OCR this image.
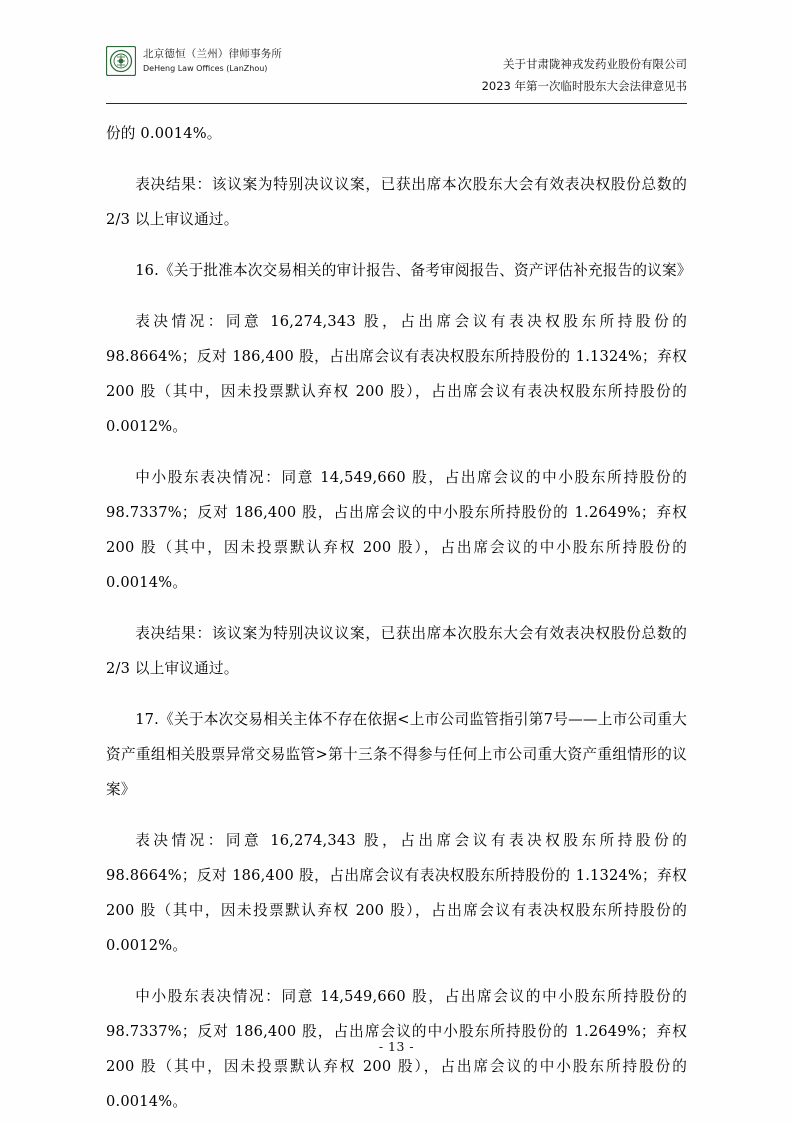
北京德恒（兰州）律师事务所
DeHeng Law Offices (LanZhou)	关于甘肃陇神戎发药业股份有限公司
2023 年第一次临时股东大会法律意见书

份的 0.0014%。

表决结果：该议案为特别决议议案，已获出席本次股东大会有效表决权股份总数的 2/3 以上审议通过。

16.《关于批准本次交易相关的审计报告、备考审阅报告、资产评估补充报告的议案》

表决情况：同意 16,274,343 股，占出席会议有表决权股东所持股份的 98.8664%；反对 186,400 股，占出席会议有表决权股东所持股份的 1.1324%；弃权 200 股（其中，因未投票默认弃权 200 股），占出席会议有表决权股东所持股份的 0.0012%。

中小股东表决情况：同意 14,549,660 股，占出席会议的中小股东所持股份的 98.7337%；反对 186,400 股，占出席会议的中小股东所持股份的 1.2649%；弃权 200 股（其中，因未投票默认弃权 200 股），占出席会议的中小股东所持股份的 0.0014%。

表决结果：该议案为特别决议议案，已获出席本次股东大会有效表决权股份总数的 2/3 以上审议通过。

17.《关于本次交易相关主体不存在依据<上市公司监管指引第7号——上市公司重大资产重组相关股票异常交易监管>第十三条不得参与任何上市公司重大资产重组情形的议案》

表决情况：同意 16,274,343 股，占出席会议有表决权股东所持股份的 98.8664%；反对 186,400 股，占出席会议有表决权股东所持股份的 1.1324%；弃权 200 股（其中，因未投票默认弃权 200 股），占出席会议有表决权股东所持股份的 0.0012%。

中小股东表决情况：同意 14,549,660 股，占出席会议的中小股东所持股份的 98.7337%；反对 186,400 股，占出席会议的中小股东所持股份的 1.2649%；弃权 200 股（其中，因未投票默认弃权 200 股），占出席会议的中小股东所持股份的 0.0014%。

- 13 -
